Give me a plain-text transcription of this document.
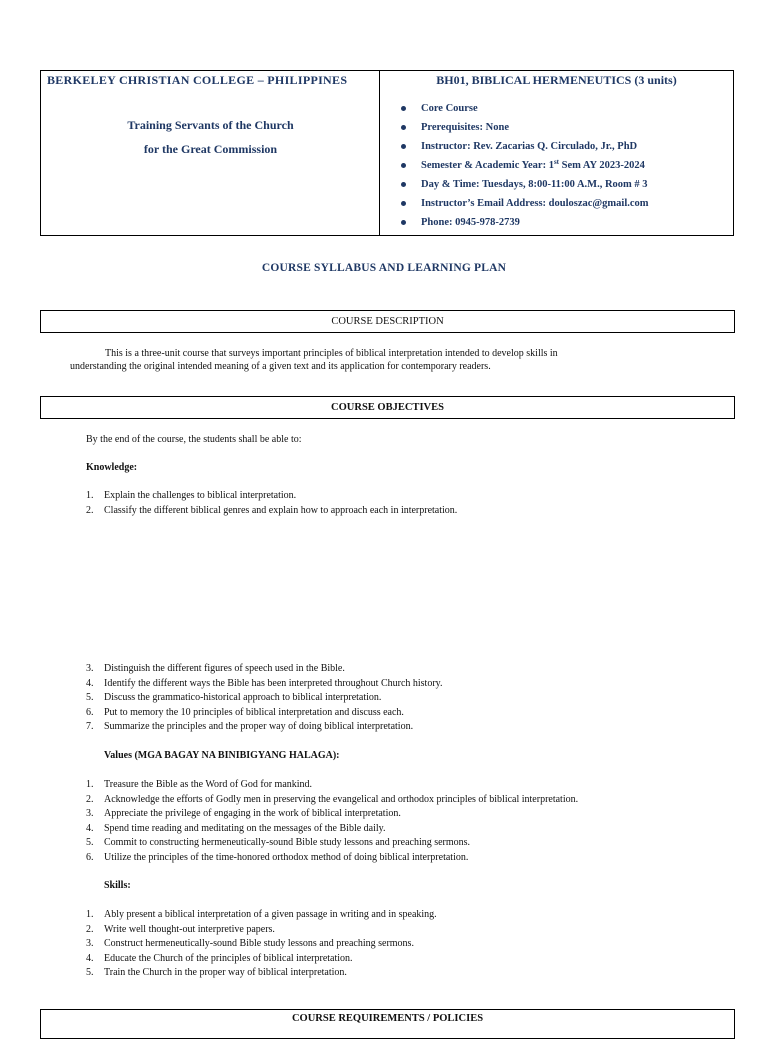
BERKELEY CHRISTIAN COLLEGE – PHILIPPINES
Training Servants of the Church
for the Great Commission
BH01, BIBLICAL HERMENEUTICS (3 units)
Core Course
Prerequisites: None
Instructor: Rev. Zacarias Q. Circulado, Jr., PhD
Semester & Academic Year: 1st Sem AY 2023-2024
Day & Time: Tuesdays, 8:00-11:00 A.M., Room # 3
Instructor’s Email Address: douloszac@gmail.com
Phone: 0945-978-2739
COURSE SYLLABUS AND LEARNING PLAN
COURSE DESCRIPTION

This is a three-unit course that surveys important principles of biblical interpretation intended to develop skills in

understanding the original intended meaning of a given text and its application for contemporary readers.

COURSE OBJECTIVES

By the end of the course, the students shall be able to:

Knowledge:
1. Explain the challenges to biblical interpretation.
2. Classify the different biblical genres and explain how to approach each in interpretation.
3. Distinguish the different figures of speech used in the Bible.
4. Identify the different ways the Bible has been interpreted throughout Church history.
5. Discuss the grammatico-historical approach to biblical interpretation.
6. Put to memory the 10 principles of biblical interpretation and discuss each.
7. Summarize the principles and the proper way of doing biblical interpretation.
Values (MGA BAGAY NA BINIBIGYANG HALAGA):
1. Treasure the Bible as the Word of God for mankind.
2. Acknowledge the efforts of Godly men in preserving the evangelical and orthodox principles of biblical interpretation.
3. Appreciate the privilege of engaging in the work of biblical interpretation.
4. Spend time reading and meditating on the messages of the Bible daily.
5. Commit to constructing hermeneutically-sound Bible study lessons and preaching sermons.
6. Utilize the principles of the time-honored orthodox method of doing biblical interpretation.
Skills:
1. Ably present a biblical interpretation of a given passage in writing and in speaking.
2. Write well thought-out interpretive papers.
3. Construct hermeneutically-sound Bible study lessons and preaching sermons.
4. Educate the Church of the principles of biblical interpretation.
5. Train the Church in the proper way of biblical interpretation.
COURSE REQUIREMENTS / POLICIES
